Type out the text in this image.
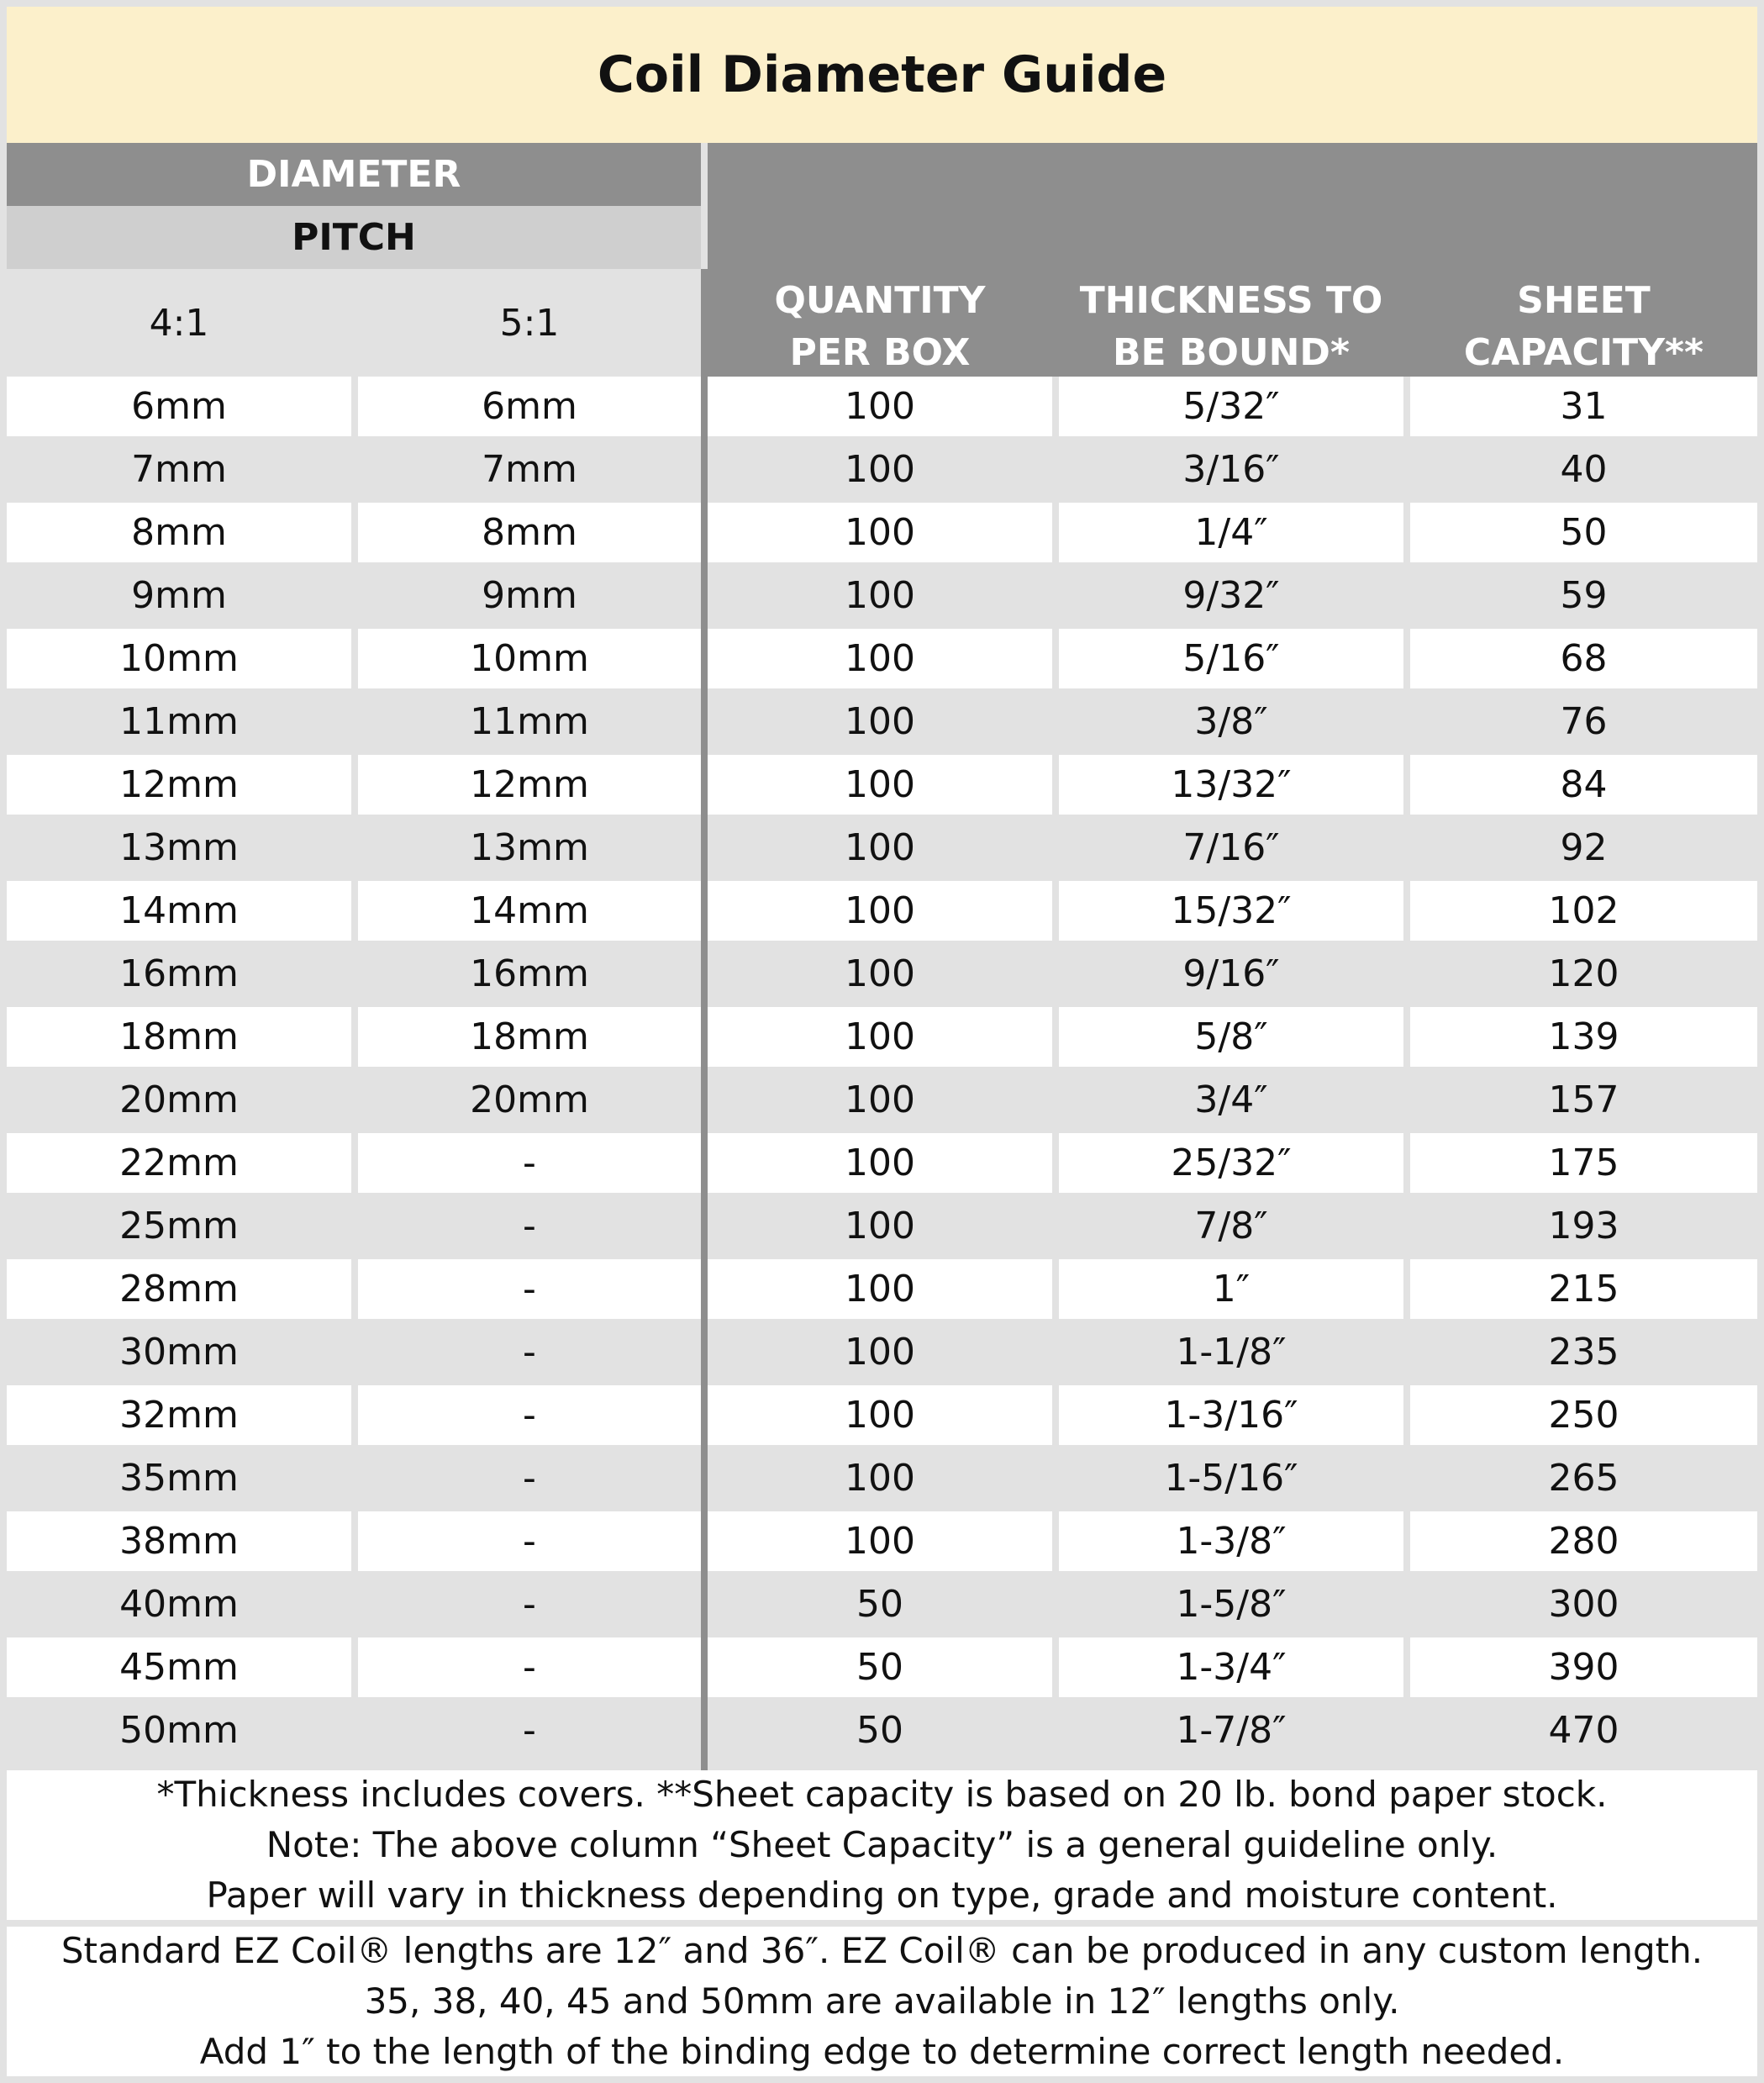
Coil Diameter Guide
DIAMETER
PITCH
4:1	5:1
QUANTITY
PER BOX
THICKNESS TO
BE BOUND*
SHEET
CAPACITY**
6mm	6mm	100	5/32″	31
7mm	7mm	100	3/16″	40
8mm	8mm	100	1/4″	50
9mm	9mm	100	9/32″	59
10mm	10mm	100	5/16″	68
11mm	11mm	100	3/8″	76
12mm	12mm	100	13/32″	84
13mm	13mm	100	7/16″	92
14mm	14mm	100	15/32″	102
16mm	16mm	100	9/16″	120
18mm	18mm	100	5/8″	139
20mm	20mm	100	3/4″	157
22mm	-	100	25/32″	175
25mm	-	100	7/8″	193
28mm	-	100	1″	215
30mm	-	100	1-1/8″	235
32mm	-	100	1-3/16″	250
35mm	-	100	1-5/16″	265
38mm	-	100	1-3/8″	280
40mm	-	50	1-5/8″	300
45mm	-	50	1-3/4″	390
50mm	-	50	1-7/8″	470
*Thickness includes covers. **Sheet capacity is based on 20 lb. bond paper stock.
Note: The above column “Sheet Capacity” is a general guideline only.
Paper will vary in thickness depending on type, grade and moisture content.
Standard EZ Coil® lengths are 12″ and 36″. EZ Coil® can be produced in any custom length.
35, 38, 40, 45 and 50mm are available in 12″ lengths only.
Add 1″ to the length of the binding edge to determine correct length needed.
